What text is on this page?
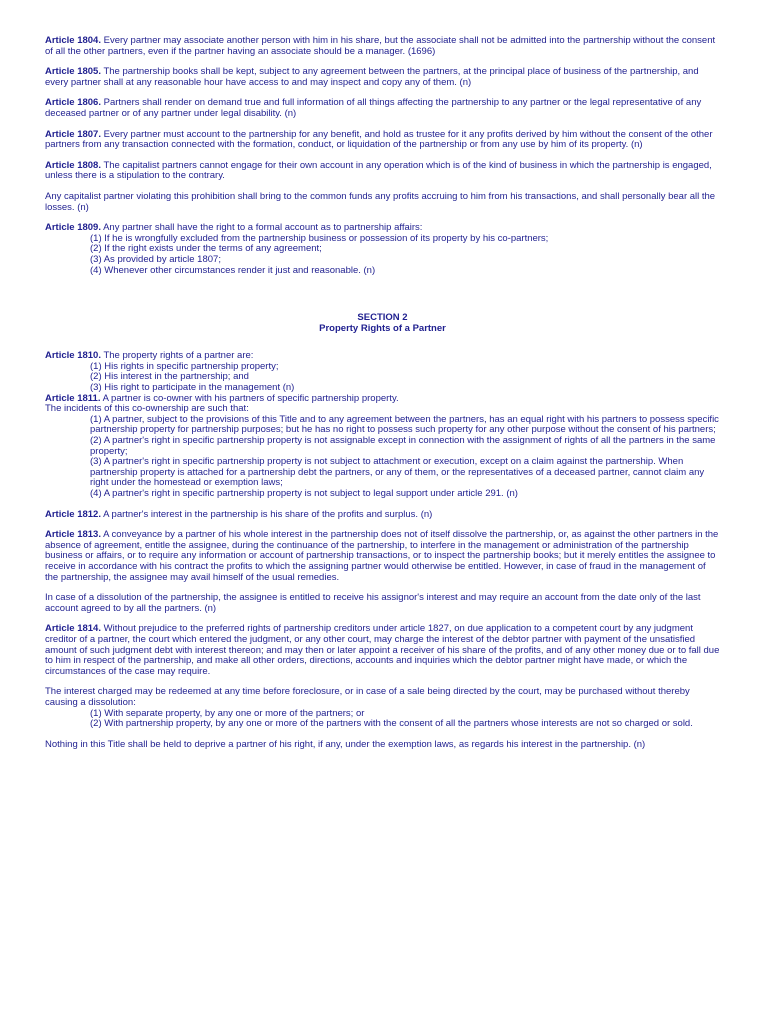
Article 1804. Every partner may associate another person with him in his share, but the associate shall not be admitted into the partnership without the consent of all the other partners, even if the partner having an associate should be a manager. (1696)

Article 1805. The partnership books shall be kept, subject to any agreement between the partners, at the principal place of business of the partnership, and every partner shall at any reasonable hour have access to and may inspect and copy any of them. (n)

Article 1806. Partners shall render on demand true and full information of all things affecting the partnership to any partner or the legal representative of any deceased partner or of any partner under legal disability. (n)

Article 1807. Every partner must account to the partnership for any benefit, and hold as trustee for it any profits derived by him without the consent of the other partners from any transaction connected with the formation, conduct, or liquidation of the partnership or from any use by him of its property. (n)

Article 1808. The capitalist partners cannot engage for their own account in any operation which is of the kind of business in which the partnership is engaged, unless there is a stipulation to the contrary.

Any capitalist partner violating this prohibition shall bring to the common funds any profits accruing to him from his transactions, and shall personally bear all the losses. (n)

Article 1809. Any partner shall have the right to a formal account as to partnership affairs:

(1) If he is wrongfully excluded from the partnership business or possession of its property by his co-partners;

(2) If the right exists under the terms of any agreement;

(3) As provided by article 1807;

(4) Whenever other circumstances render it just and reasonable. (n)

SECTION 2

Property Rights of a Partner

Article 1810. The property rights of a partner are:

(1) His rights in specific partnership property;

(2) His interest in the partnership; and

(3) His right to participate in the management (n)

Article 1811. A partner is co-owner with his partners of specific partnership property.

The incidents of this co-ownership are such that:

(1) A partner, subject to the provisions of this Title and to any agreement between the partners, has an equal right with his partners to possess specific partnership property for partnership purposes; but he has no right to possess such property for any other purpose without the consent of his partners;

(2) A partner's right in specific partnership property is not assignable except in connection with the assignment of rights of all the partners in the same property;

(3) A partner's right in specific partnership property is not subject to attachment or execution, except on a claim against the partnership. When partnership property is attached for a partnership debt the partners, or any of them, or the representatives of a deceased partner, cannot claim any right under the homestead or exemption laws;

(4) A partner's right in specific partnership property is not subject to legal support under article 291. (n)

Article 1812. A partner's interest in the partnership is his share of the profits and surplus. (n)

Article 1813. A conveyance by a partner of his whole interest in the partnership does not of itself dissolve the partnership, or, as against the other partners in the absence of agreement, entitle the assignee, during the continuance of the partnership, to interfere in the management or administration of the partnership business or affairs, or to require any information or account of partnership transactions, or to inspect the partnership books; but it merely entitles the assignee to receive in accordance with his contract the profits to which the assigning partner would otherwise be entitled. However, in case of fraud in the management of the partnership, the assignee may avail himself of the usual remedies.

In case of a dissolution of the partnership, the assignee is entitled to receive his assignor's interest and may require an account from the date only of the last account agreed to by all the partners. (n)

Article 1814. Without prejudice to the preferred rights of partnership creditors under article 1827, on due application to a competent court by any judgment creditor of a partner, the court which entered the judgment, or any other court, may charge the interest of the debtor partner with payment of the unsatisfied amount of such judgment debt with interest thereon; and may then or later appoint a receiver of his share of the profits, and of any other money due or to fall due to him in respect of the partnership, and make all other orders, directions, accounts and inquiries which the debtor partner might have made, or which the circumstances of the case may require.

The interest charged may be redeemed at any time before foreclosure, or in case of a sale being directed by the court, may be purchased without thereby causing a dissolution:

(1) With separate property, by any one or more of the partners; or

(2) With partnership property, by any one or more of the partners with the consent of all the partners whose interests are not so charged or sold.

Nothing in this Title shall be held to deprive a partner of his right, if any, under the exemption laws, as regards his interest in the partnership. (n)
